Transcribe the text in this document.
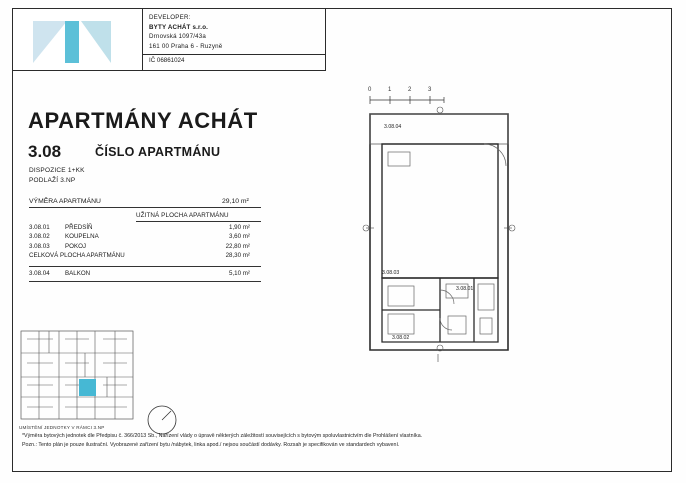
DEVELOPER:
BYTY ACHÁT s.r.o.
Drnovská 1097/43a
161 00 Praha 6 - Ruzyně
IČ 06861024
APARTMÁNY ACHÁT
3.08	ČÍSLO APARTMÁNU
DISPOZICE 1+KK
PODLAŽÍ 3.NP
VÝMĚRA APARTMÁNU	29,10 m²
UŽITNÁ PLOCHA APARTMÁNU
3.08.01 PŘEDSÍŇ	1,90 m²
3.08.02 KOUPELNA	3,60 m²
3.08.03 POKOJ	22,80 m²
CELKOVÁ PLOCHA APARTMÁNU	28,30 m²
3.08.04 BALKON	5,10 m²
UMÍSTĚNÍ JEDNOTKY V RÁMCI 3.NP
0	1	2	3
3.08.04
3.08.03
3.08.01
3.08.02
*Výměra bytových jednotek dle Předpisu č. 366/2013 Sb., Nařízení vlády o úpravě některých záležitostí souvisejících s bytovým spoluvlastnictvím dle Prohlášení vlastníka.
Pozn.: Tento plán je pouze ilustrační. Vyobrazené zařízení bytu /nábytek, linka apod./ nejsou součástí dodávky. Rozsah je specifikován ve standardech vybavení.
